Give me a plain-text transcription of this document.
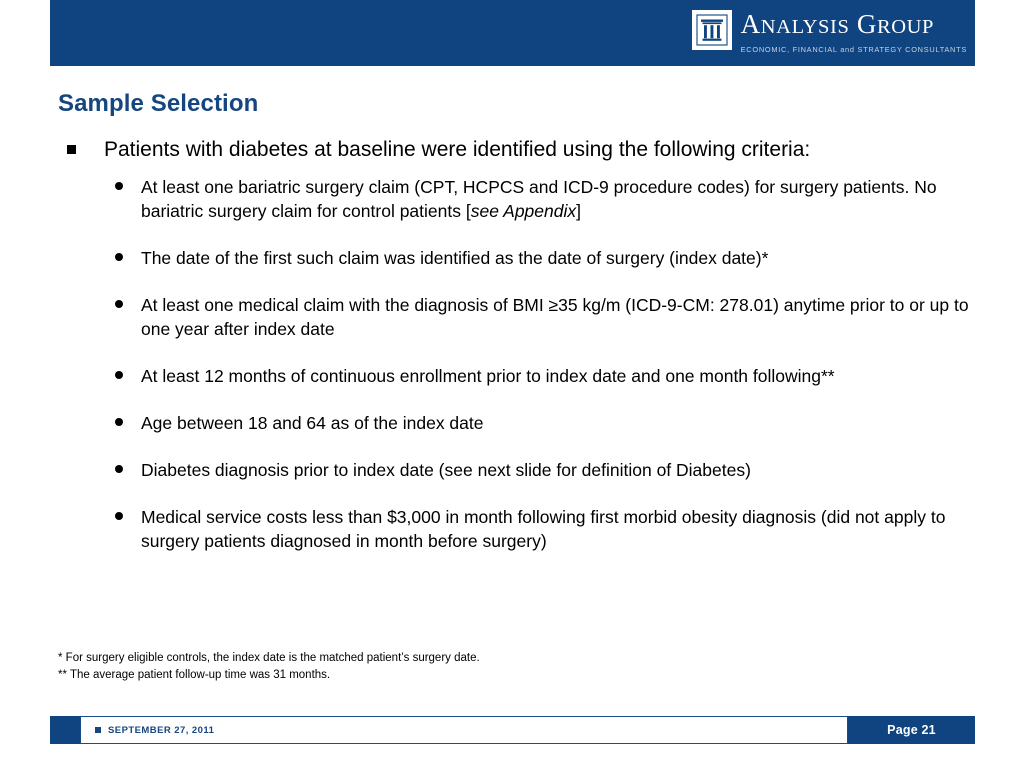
ANALYSIS GROUP
ECONOMIC, FINANCIAL and STRATEGY CONSULTANTS
Sample Selection
Patients with diabetes at baseline were identified using the following criteria:
At least one bariatric surgery claim (CPT, HCPCS and ICD-9 procedure codes) for surgery patients. No bariatric surgery claim for control patients [see Appendix]
The date of the first such claim was identified as the date of surgery (index date)*
At least one medical claim with the diagnosis of BMI ≥35 kg/m (ICD-9-CM: 278.01) anytime prior to or up to one year after index date
At least 12 months of continuous enrollment prior to index date and one month following**
Age between 18 and 64 as of the index date
Diabetes diagnosis prior to index date (see next slide for definition of Diabetes)
Medical service costs less than $3,000 in month following first morbid obesity diagnosis (did not apply to surgery patients diagnosed in month before surgery)
* For surgery eligible controls, the index date is the matched patient’s surgery date.
** The average patient follow-up time was 31 months.
SEPTEMBER 27, 2011	Page 21
